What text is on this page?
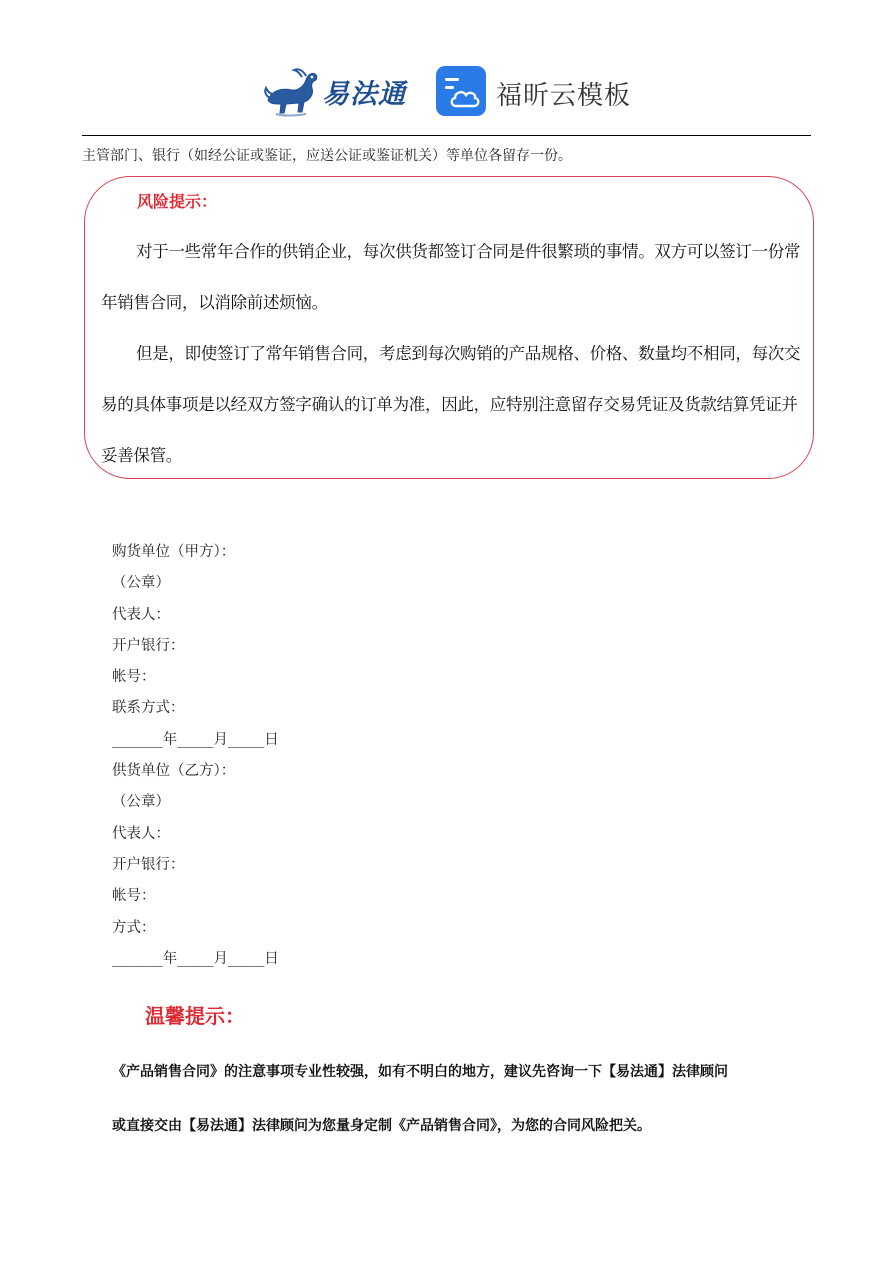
易法通	福昕云模板
主管部门、银行（如经公证或鉴证，应送公证或鉴证机关）等单位各留存一份。
风险提示：
对于一些常年合作的供销企业，每次供货都签订合同是件很繁琐的事情。双方可以签订一份常年销售合同，以消除前述烦恼。
但是，即使签订了常年销售合同，考虑到每次购销的产品规格、价格、数量均不相同，每次交易的具体事项是以经双方签字确认的订单为准，因此，应特别注意留存交易凭证及货款结算凭证并妥善保管。
购货单位（甲方）：
（公章）
代表人：
开户银行：
帐号：
联系方式：
_______年_____月_____日
供货单位（乙方）：
（公章）
代表人：
开户银行：
帐号：
方式：
_______年_____月_____日
温馨提示：
《产品销售合同》的注意事项专业性较强，如有不明白的地方，建议先咨询一下【易法通】法律顾问
或直接交由【易法通】法律顾问为您量身定制《产品销售合同》，为您的合同风险把关。
